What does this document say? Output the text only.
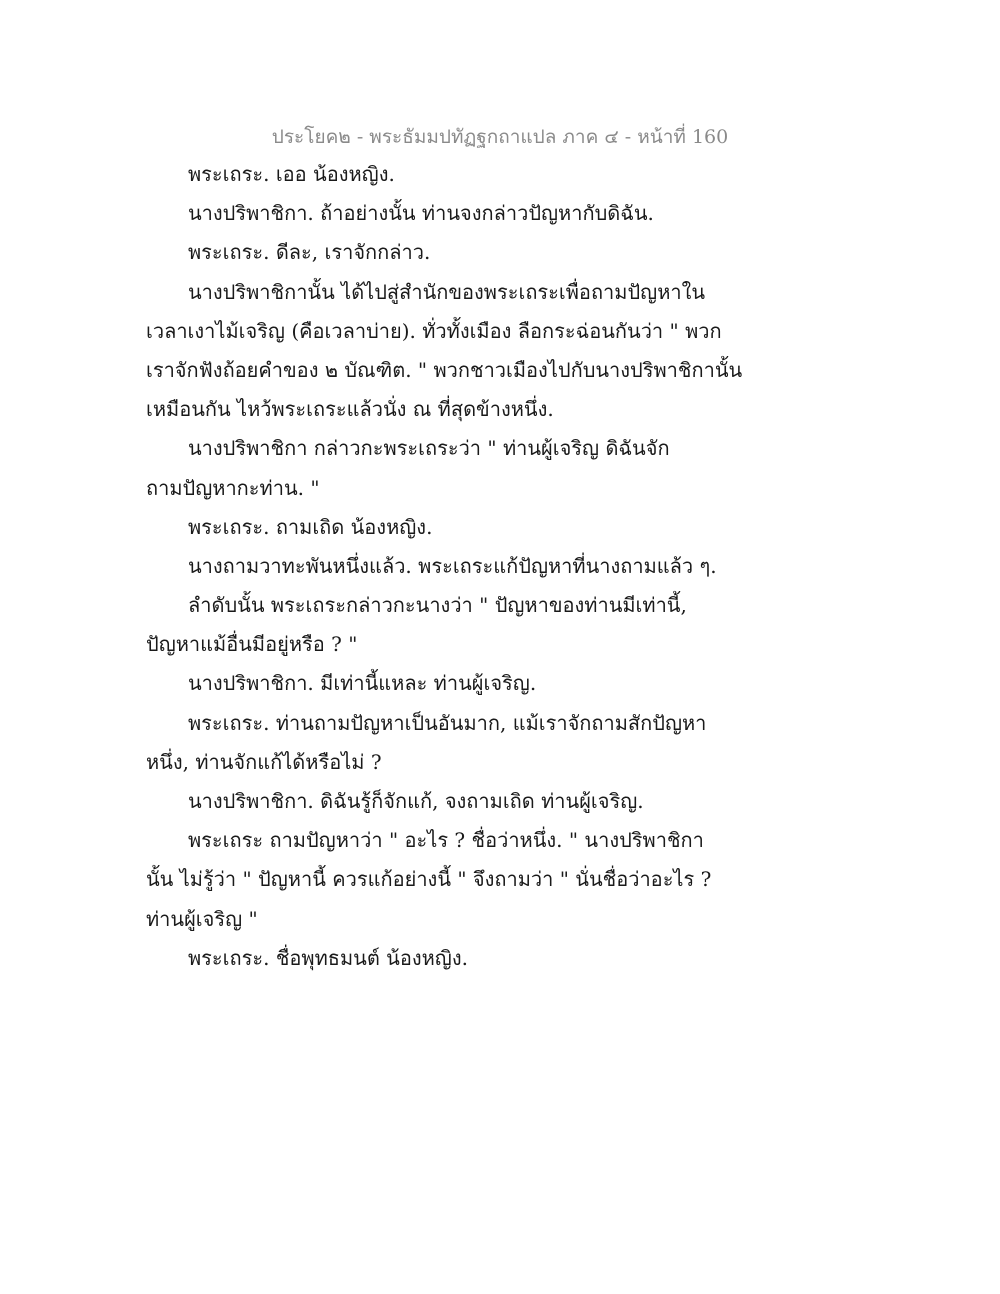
ประโยค๒ - พระธัมมปทัฏฐกถาแปล ภาค ๔ - หน้าที่ 160
พระเถระ. เออ น้องหญิง.
นางปริพาชิกา. ถ้าอย่างนั้น ท่านจงกล่าวปัญหากับดิฉัน.
พระเถระ. ดีละ, เราจักกล่าว.
นางปริพาชิกานั้น ได้ไปสู่สำนักของพระเถระเพื่อถามปัญหาใน
เวลาเงาไม้เจริญ (คือเวลาบ่าย). ทั่วทั้งเมือง ลือกระฉ่อนกันว่า " พวก
เราจักฟังถ้อยคำของ ๒ บัณฑิต. " พวกชาวเมืองไปกับนางปริพาชิกานั้น
เหมือนกัน ไหว้พระเถระแล้วนั่ง ณ ที่สุดข้างหนึ่ง.
นางปริพาชิกา กล่าวกะพระเถระว่า " ท่านผู้เจริญ ดิฉันจัก
ถามปัญหากะท่าน. "
พระเถระ. ถามเถิด น้องหญิง.
นางถามวาทะพันหนึ่งแล้ว. พระเถระแก้ปัญหาที่นางถามแล้ว ๆ.
ลำดับนั้น พระเถระกล่าวกะนางว่า " ปัญหาของท่านมีเท่านี้,
ปัญหาแม้อื่นมีอยู่หรือ ? "
นางปริพาชิกา. มีเท่านี้แหละ ท่านผู้เจริญ.
พระเถระ. ท่านถามปัญหาเป็นอันมาก, แม้เราจักถามสักปัญหา
หนึ่ง, ท่านจักแก้ได้หรือไม่ ?
นางปริพาชิกา. ดิฉันรู้ก็จักแก้, จงถามเถิด ท่านผู้เจริญ.
พระเถระ ถามปัญหาว่า " อะไร ? ชื่อว่าหนึ่ง. " นางปริพาชิกา
นั้น ไม่รู้ว่า " ปัญหานี้ ควรแก้อย่างนี้ " จึงถามว่า " นั่นชื่อว่าอะไร ?
ท่านผู้เจริญ "
พระเถระ. ชื่อพุทธมนต์ น้องหญิง.
